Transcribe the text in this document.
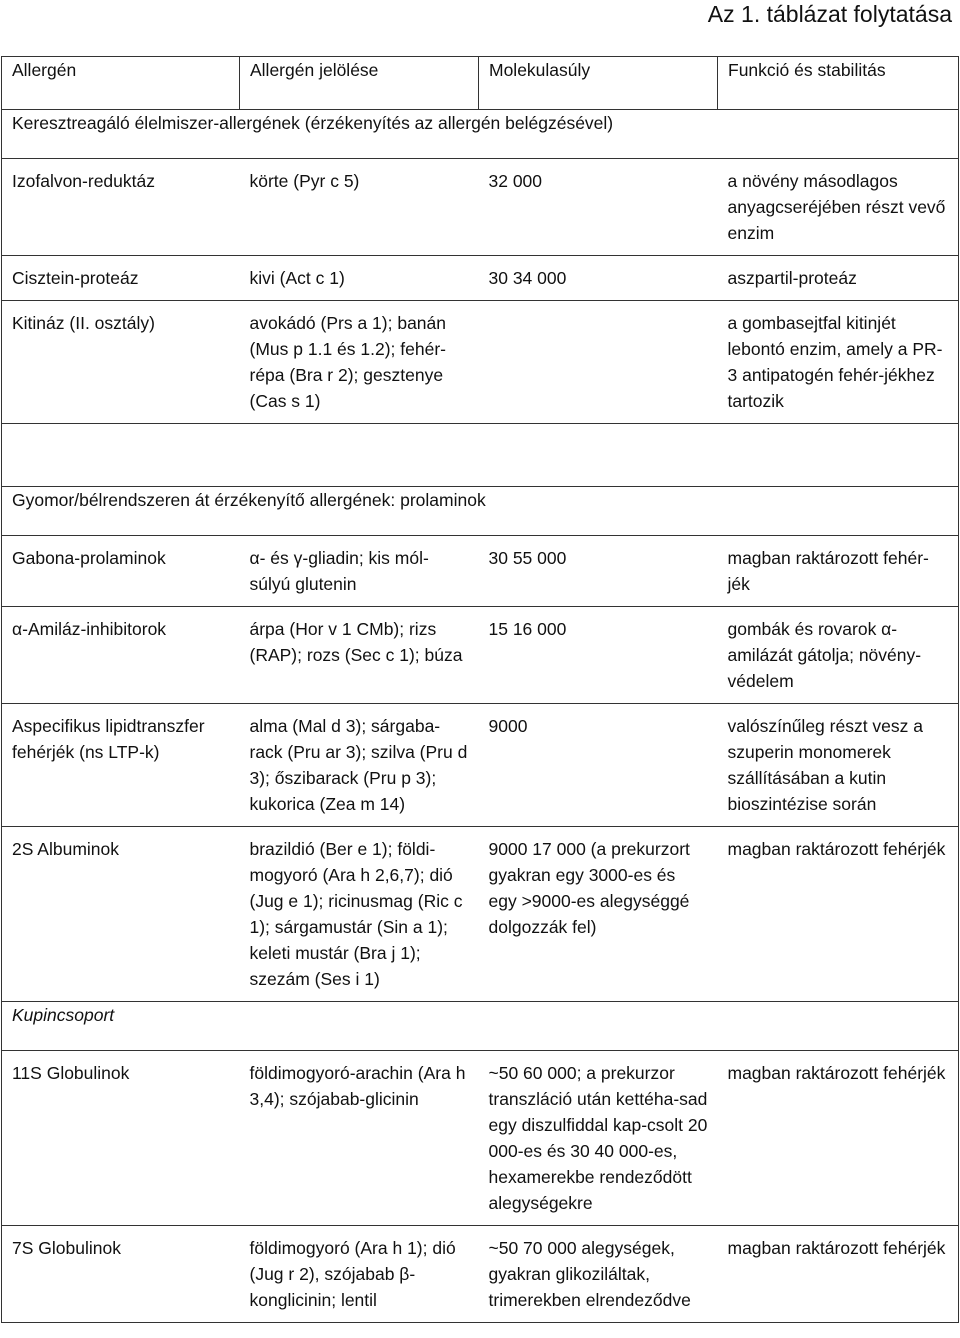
Az 1. táblázat folytatása
Allergén	Allergén jelölése	Molekulasúly	Funkció és stabilitás
Keresztreagáló élelmiszer-allergének (érzékenyítés az allergén belégzésével)			

Izofalvon-reduktáz	körte (Pyr c 5)	32 000	a növény másodlagos anyagcseréjében részt vevő enzim

Cisztein-proteáz	kivi (Act c 1)	30 34 000	aszpartil-proteáz

Kitináz (II. osztály)	avokádó (Prs a 1); banán (Mus p 1.1 és 1.2); fehér-répa (Bra r 2); gesztenye (Cas s 1)		a gombasejtfal kitinjét lebontó enzim, amely a PR-3 antipatogén fehér-jékhez tartozik

Gyomor/bélrendszeren át érzékenyítő allergének: prolaminok			

Gabona-prolaminok	α- és γ-gliadin; kis mól-súlyú glutenin	30 55 000	magban raktározott fehér-jék

α-Amiláz-inhibitorok	árpa (Hor v 1 CMb); rizs (RAP); rozs (Sec c 1); búza	15 16 000	gombák és rovarok α-amilázát gátolja; növény-védelem

Aspecifikus lipidtranszfer fehérjék (ns LTP-k)	alma (Mal d 3); sárgaba-rack (Pru ar 3); szilva (Pru d 3); őszibarack (Pru p 3); kukorica (Zea m 14)	9000	valószínűleg részt vesz a szuperin monomerek szállításában a kutin bioszintézise során

2S Albuminok	brazildió (Ber e 1); földi-mogyoró (Ara h 2,6,7); dió (Jug e 1); ricinusmag (Ric c 1); sárgamustár (Sin a 1); keleti mustár (Bra j 1); szezám (Ses i 1)	9000 17 000 (a prekurzort gyakran egy 3000-es és egy >9000-es alegységgé dolgozzák fel)	magban raktározott fehérjék

Kupincsoport			

11S Globulinok	földimogyoró-arachin (Ara h 3,4); szójabab-glicinin	~50 60 000; a prekurzor transzláció után kettéha-sad egy diszulfiddal kap-csolt 20 000-es és 30 40 000-es, hexamerekbe rendeződött alegységekre	magban raktározott fehérjék

7S Globulinok	földimogyoró (Ara h 1); dió (Jug r 2), szójabab β-konglicinin; lentil	~50 70 000 alegységek, gyakran glikoziláltak, trimerekben elrendeződve	magban raktározott fehérjék
